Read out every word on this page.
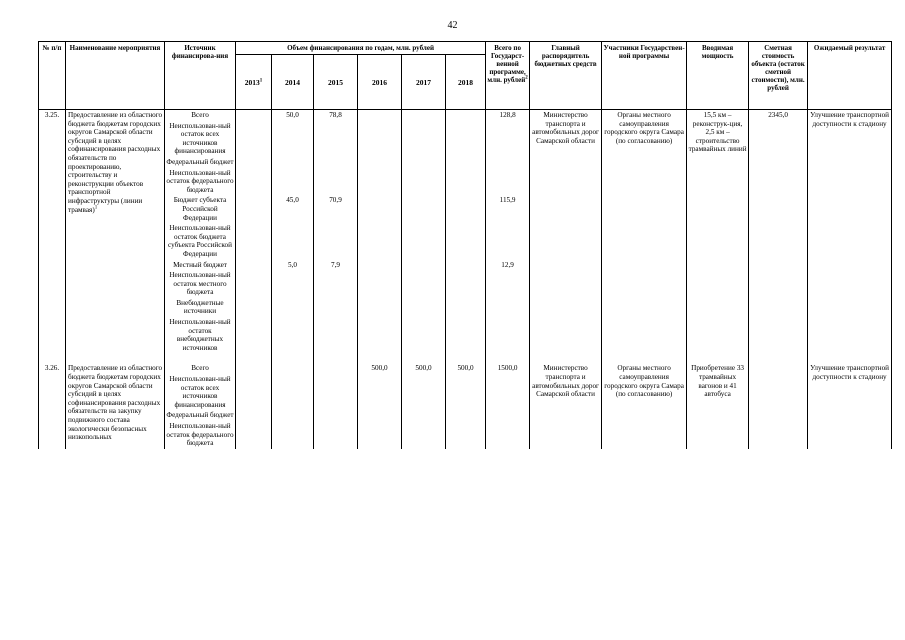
42
№ п/п	Наименование мероприятия	Источник финансирова-ния	Объем финансирования по годам, млн. рублей						Всего по Государст-венной программе, млн. рублей$^2$	Главный распорядитель бюджетных средств	Участники Государствен-ной программы	Вводимая мощность	Сметная стоимость объекта (остаток сметной стоимости), млн. рублей	Ожидаемый результат
			2013$^1$	2014	2015	2016	2017	2018						
3.25.	Предоставление из областного бюджета бюджетам городских округов Самарской области субсидий в целях софинансирования расходных обязательств по проектированию, строительству и реконструкции объектов транспортной инфраструктуры (линии трамвая)$^1$	Всего		50,0	78,8				128,8	Министерство транспорта и автомобильных дорог Самарской области	Органы местного самоуправления городского округа Самара (по согласованию)	15,5 км – реконструк-ция, 2,5 км – строительство трамвайных линий	2345,0	Улучшение транспортной доступности к стадиону
		Неиспользован-ный остаток всех источников финансирования												
		Федеральный бюджет												
		Неиспользован-ный остаток федерального бюджета												
		Бюджет субъекта Российской Федерации		45,0	70,9				115,9					
		Неиспользован-ный остаток бюджета субъекта Российской Федерации												
		Местный бюджет		5,0	7,9				12,9					
		Неиспользован-ный остаток местного бюджета												
		Внебюджетные источники												
		Неиспользован-ный остаток внебюджетных источников												

3.26.	Предоставление из областного бюджета бюджетам городских округов Самарской области субсидий в целях софинансирования расходных обязательств на закупку подвижного состава экологически безопасных низкопольных	Всего				500,0	500,0	500,0	1500,0	Министерство транспорта и автомобильных дорог Самарской области	Органы местного самоуправления городского округа Самара (по согласованию)	Приобретение 33 трамвайных вагонов и 41 автобуса		Улучшение транспортной доступности к стадиону
		Неиспользован-ный остаток всех источников финансирования												
		Федеральный бюджет												
		Неиспользован-ный остаток федерального бюджета												
